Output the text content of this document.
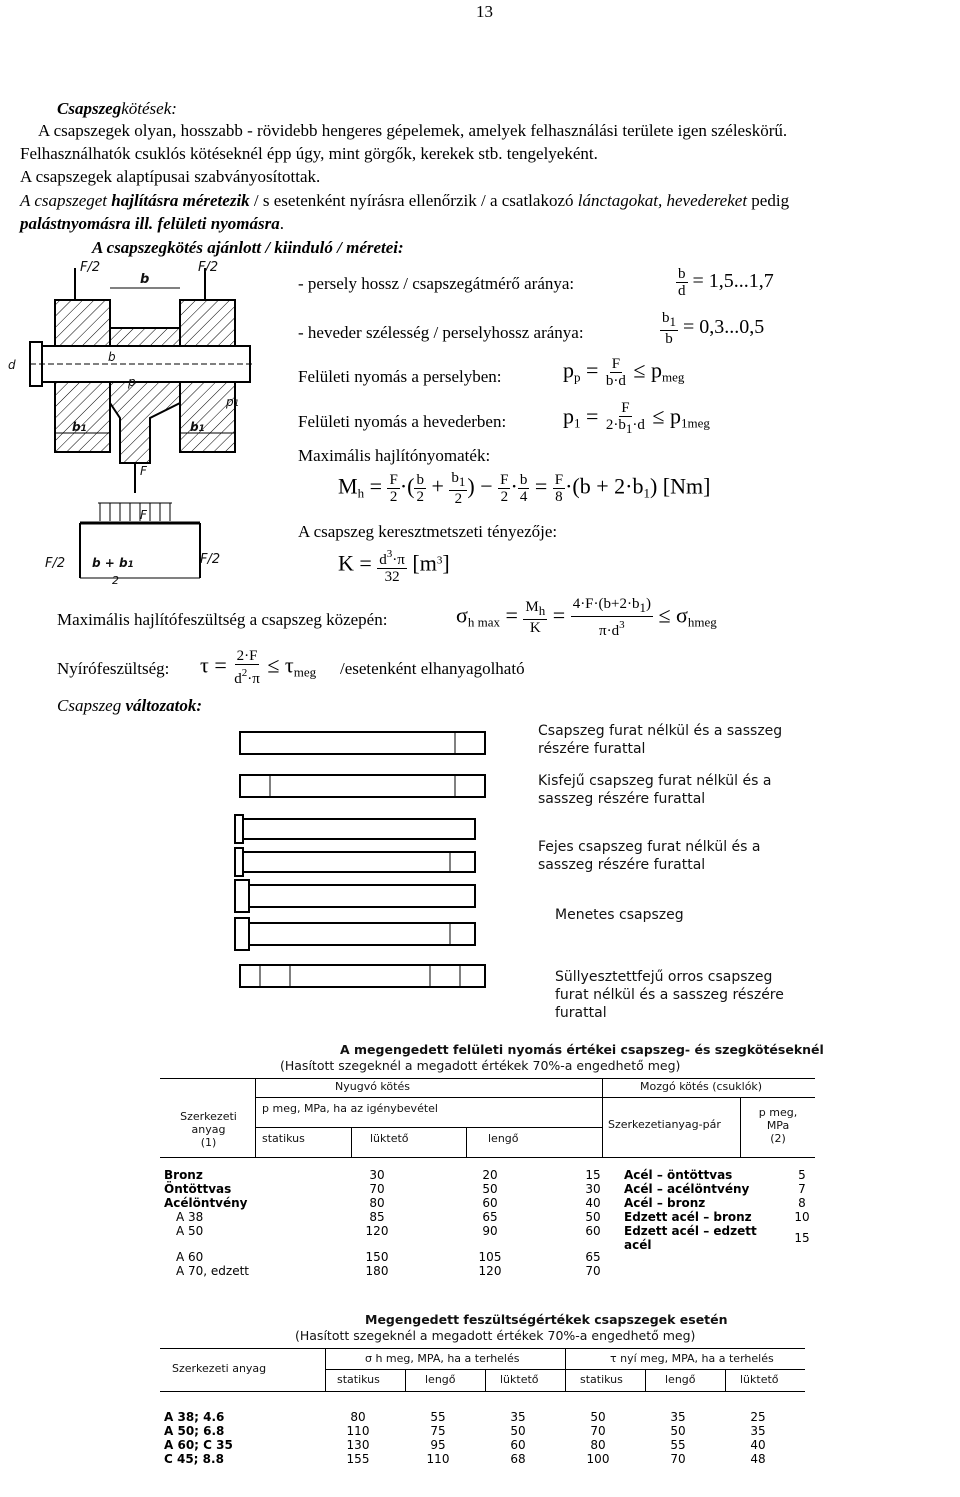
13
Csapszegkötések:
A csapszegek olyan, hosszabb - rövidebb hengeres gépelemek, amelyek felhasználási területe igen széleskörű.
Felhasználhatók csuklós kötéseknél épp úgy, mint görgők, kerekek stb. tengelyeként.
A csapszegek alaptípusai szabványosítottak.
A csapszeget hajlításra méretezik / s esetenként nyírásra ellenőrzik / a csatlakozó lánctagokat, hevedereket pedig
palástnyomásra ill. felületi nyomásra.
A csapszegkötés ajánlott / kiinduló / méretei:
F/2
b
F/2
d
b
p
p1
b1	b1
F
F
F/2 b + b1
2
F/2
- persely hossz / csapszegátmérő aránya:	$\frac{b}{d} = 1,5...1,7$
- heveder szélesség / perselyhossz aránya:	$\frac{b1}{b} = 0,3...0,5$
Felületi nyomás a perselyben:	$p_p = \frac{F}{b\cdot d} \le p_{meg}$
Felületi nyomás a hevederben:	$p_1 = \frac{F}{2\cdot b1\cdot d} \le p_{1meg}$
Maximális hajlítónyomaték:
$M_h = \frac{F}{2}$ ·( $\frac{b}{2} + \frac{b1}{2}$ ) − $\frac{F}{2} \cdot \frac{b}{4} = \frac{F}{8} \cdot(b + 2\cdot b_1)$ [Nm]
A csapszeg keresztmetszeti tényezője:
$K = \frac{d^3\cdot\pi}{32} [m^3]$
Maximális hajlítófeszültség a csapszeg közepén:	$\sigma_{h max} = \frac{Mh}{K} = \frac{4\cdot F\cdot(b+2\cdot b1)}{\pi\cdot d^3} \le \sigma_{hmeg}$
Nyírófeszültség: $\tau = \frac{2\cdot F}{d^2\cdot\pi} \le \tau_{meg}$ /esetenként elhanyagolható
Csapszeg változatok:
Csapszeg furat nélkül és a sasszeg részére furattal
Kisfejű csapszeg furat nélkül és a sasszeg részére furattal
Fejes csapszeg furat nélkül és a sasszeg részére furattal
Menetes csapszeg
Süllyesztettfejű orros csapszeg furat nélkül és a sasszeg részére furattal
A megengedett felületi nyomás értékei csapszeg- és szegkötéseknél
(Hasított szegeknél a megadott értékek 70%-a engedhető meg)
Nyugvó kötés	Mozgó kötés (csuklók)
Szerkezeti anyag
(1)
p meg, MPa, ha az igénybevétel
statikus	lüktető	lengő
Szerkezetianyag-pár
p meg, MPa
(2)
Bronz	30	20	15
Öntöttvas	70	50	30
Acélöntvény	80	60	40
A 38	85	65	50
A 50	120	90	60
A 60	150	105	65
A 70, edzett	180	120	70
Acél – öntöttvas	5
Acél – acélöntvény	7
Acél – bronz	8
Edzett acél – bronz	10
Edzett acél – edzett acél	15
Megengedett feszültségértékek csapszegek esetén
(Hasított szegeknél a megadott értékek 70%-a engedhető meg)
Szerkezeti anyag
σ h meg, MPA, ha a terhelés	τ nyí meg, MPA, ha a terhelés
statikus	lengő	lüktető	statikus	lengő	lüktető
A 38; 4.6	80	55	35	50	35	25
A 50; 6.8	110	75	50	70	50	35
A 60; C 35	130	95	60	80	55	40
C 45; 8.8	155	110	68	100	70	48
